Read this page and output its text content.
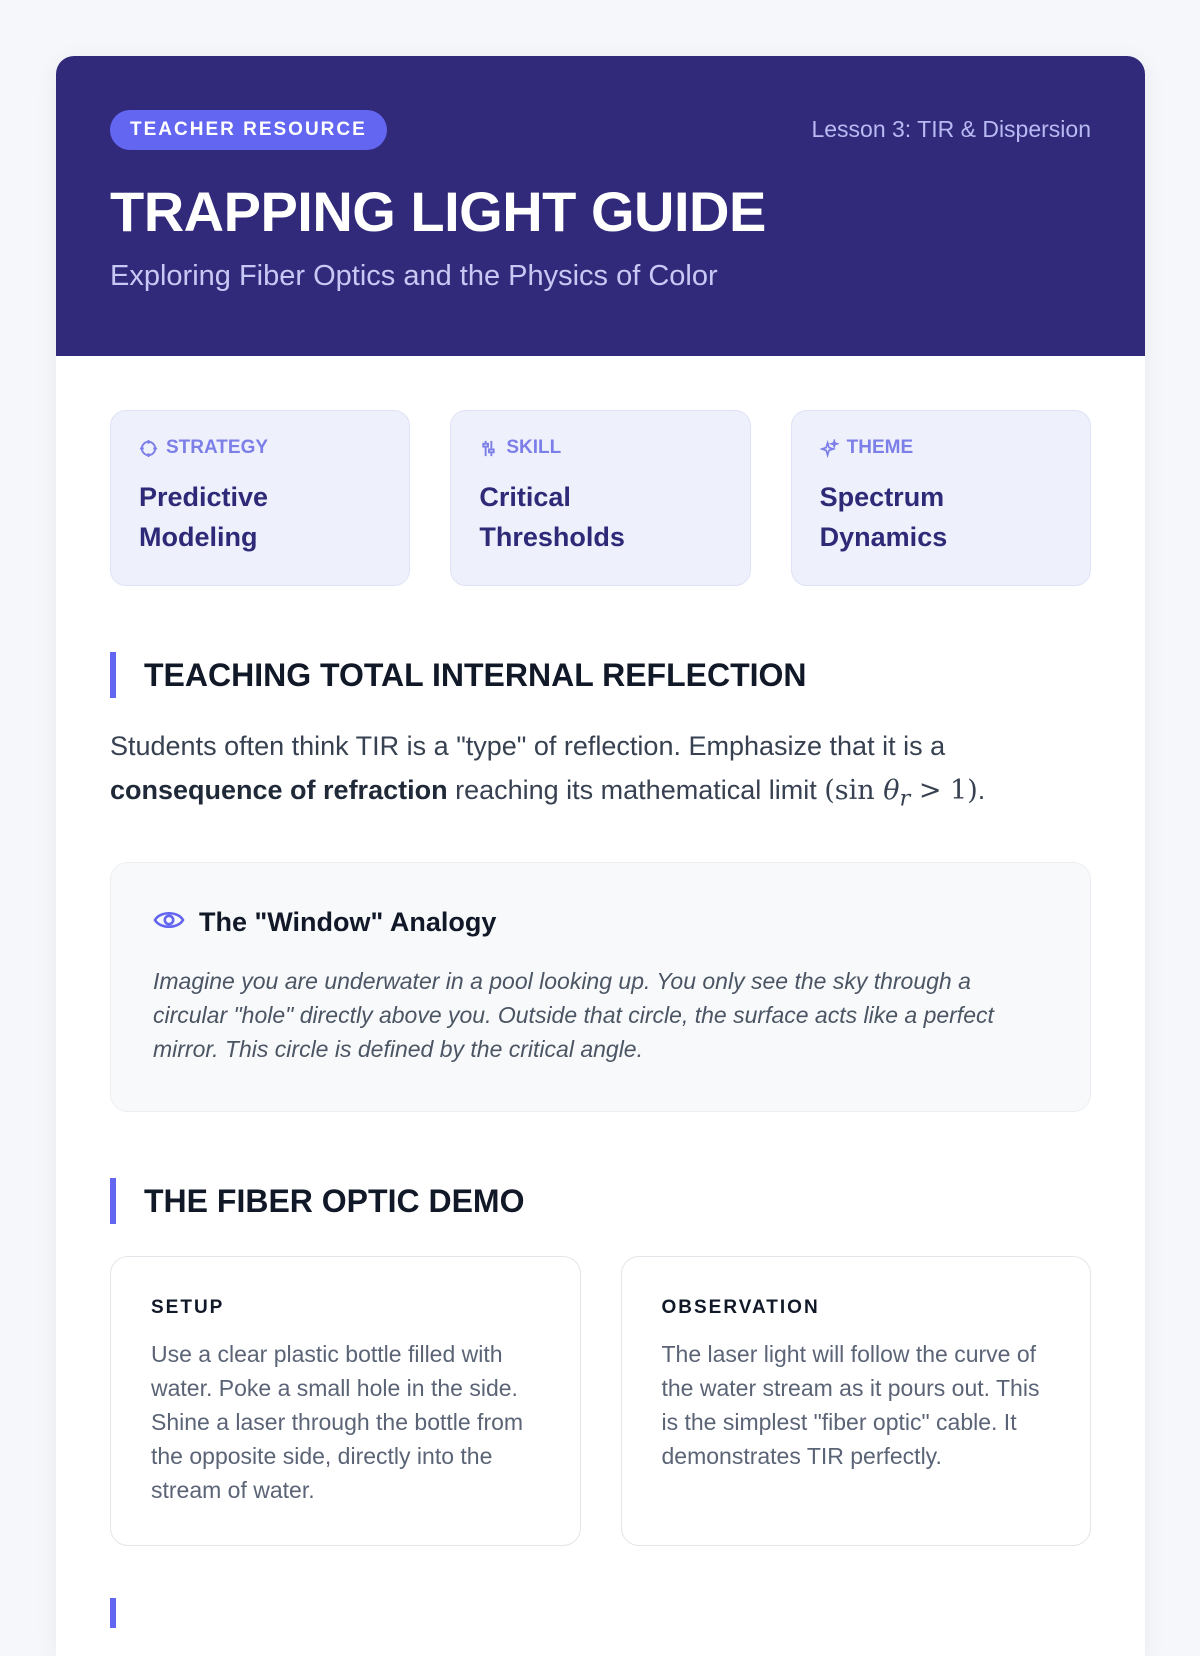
TEACHER RESOURCE	Lesson 3: TIR & Dispersion
TRAPPING LIGHT GUIDE
Exploring Fiber Optics and the Physics of Color
STRATEGY
Predictive Modeling
SKILL
Critical Thresholds
THEME
Spectrum Dynamics
TEACHING TOTAL INTERNAL REFLECTION

Students often think TIR is a "type" of reflection. Emphasize that it is a consequence of refraction reaching its mathematical limit (sin $\theta_r > 1$).

The "Window" Analogy

Imagine you are underwater in a pool looking up. You only see the sky through a circular "hole" directly above you. Outside that circle, the surface acts like a perfect mirror. This circle is defined by the critical angle.

THE FIBER OPTIC DEMO
SETUP

Use a clear plastic bottle filled with water. Poke a small hole in the side. Shine a laser through the bottle from the opposite side, directly into the stream of water.

OBSERVATION

The laser light will follow the curve of the water stream as it pours out. This is the simplest "fiber optic" cable. It demonstrates TIR perfectly.
